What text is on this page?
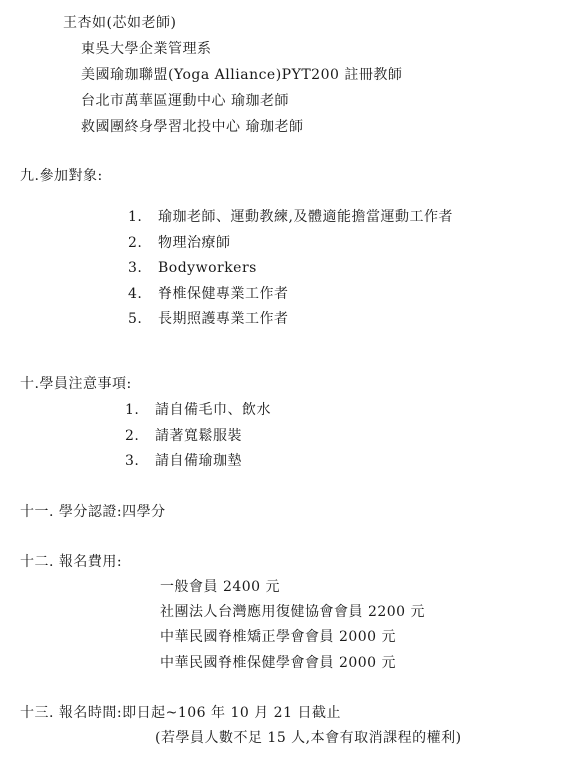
王杏如(芯如老師)
東吳大學企業管理系
美國瑜珈聯盟(Yoga Alliance)PYT200 註冊教師
台北市萬華區運動中心 瑜珈老師
救國團終身學習北投中心 瑜珈老師
九.參加對象:
1. 瑜珈老師、運動教練,及體適能擔當運動工作者
2. 物理治療師
3. Bodyworkers
4. 脊椎保健專業工作者
5. 長期照護專業工作者
十.學員注意事項:
1. 請自備毛巾、飲水
2. 請著寬鬆服裝
3. 請自備瑜珈墊
十一. 學分認證:四學分
十二. 報名費用:
一般會員 2400 元
社團法人台灣應用復健協會會員 2200 元
中華民國脊椎矯正學會會員 2000 元
中華民國脊椎保健學會會員 2000 元
十三. 報名時間:即日起~106 年 10 月 21 日截止
(若學員人數不足 15 人,本會有取消課程的權利)
